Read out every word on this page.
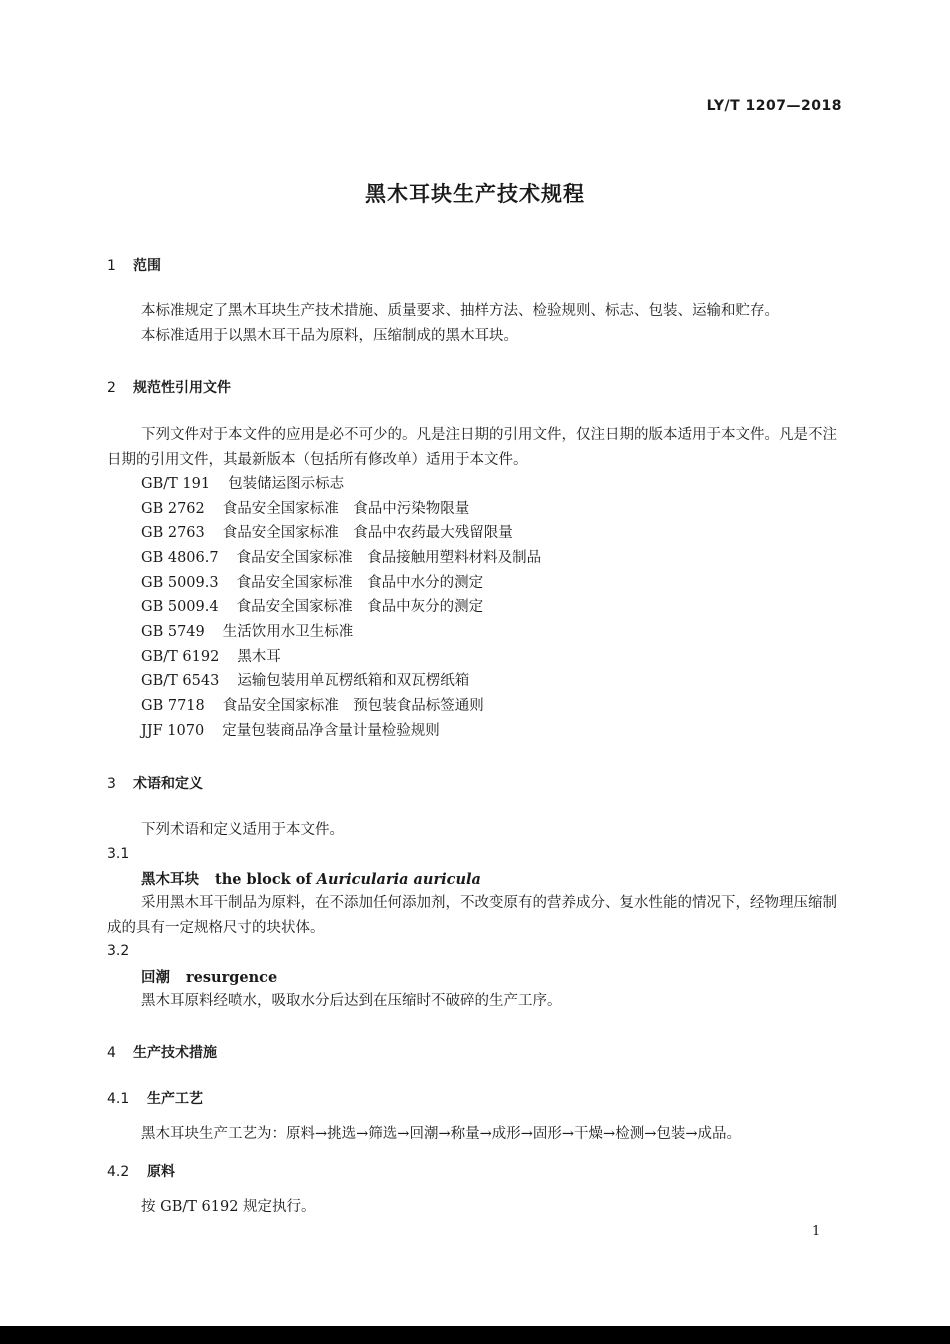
LY/T 1207—2018
黑木耳块生产技术规程
1 范围
本标准规定了黑木耳块生产技术措施、质量要求、抽样方法、检验规则、标志、包装、运输和贮存。
本标准适用于以黑木耳干品为原料，压缩制成的黑木耳块。
2 规范性引用文件
下列文件对于本文件的应用是必不可少的。凡是注日期的引用文件，仅注日期的版本适用于本文件。凡是不注日期的引用文件，其最新版本（包括所有修改单）适用于本文件。
GB/T 191 包装储运图示标志
GB 2762 食品安全国家标准　食品中污染物限量
GB 2763 食品安全国家标准　食品中农药最大残留限量
GB 4806.7 食品安全国家标准　食品接触用塑料材料及制品
GB 5009.3 食品安全国家标准　食品中水分的测定
GB 5009.4 食品安全国家标准　食品中灰分的测定
GB 5749 生活饮用水卫生标准
GB/T 6192 黑木耳
GB/T 6543 运输包装用单瓦楞纸箱和双瓦楞纸箱
GB 7718 食品安全国家标准　预包装食品标签通则
JJF 1070 定量包装商品净含量计量检验规则
3 术语和定义
下列术语和定义适用于本文件。
3.1
黑木耳块 the block of Auricularia auricula
采用黑木耳干制品为原料，在不添加任何添加剂，不改变原有的营养成分、复水性能的情况下，经物理压缩制成的具有一定规格尺寸的块状体。
3.2
回潮 resurgence
黑木耳原料经喷水，吸取水分后达到在压缩时不破碎的生产工序。
4 生产技术措施
4.1 生产工艺
黑木耳块生产工艺为：原料→挑选→筛选→回潮→称量→成形→固形→干燥→检测→包装→成品。
4.2 原料
按 GB/T 6192 规定执行。
1
